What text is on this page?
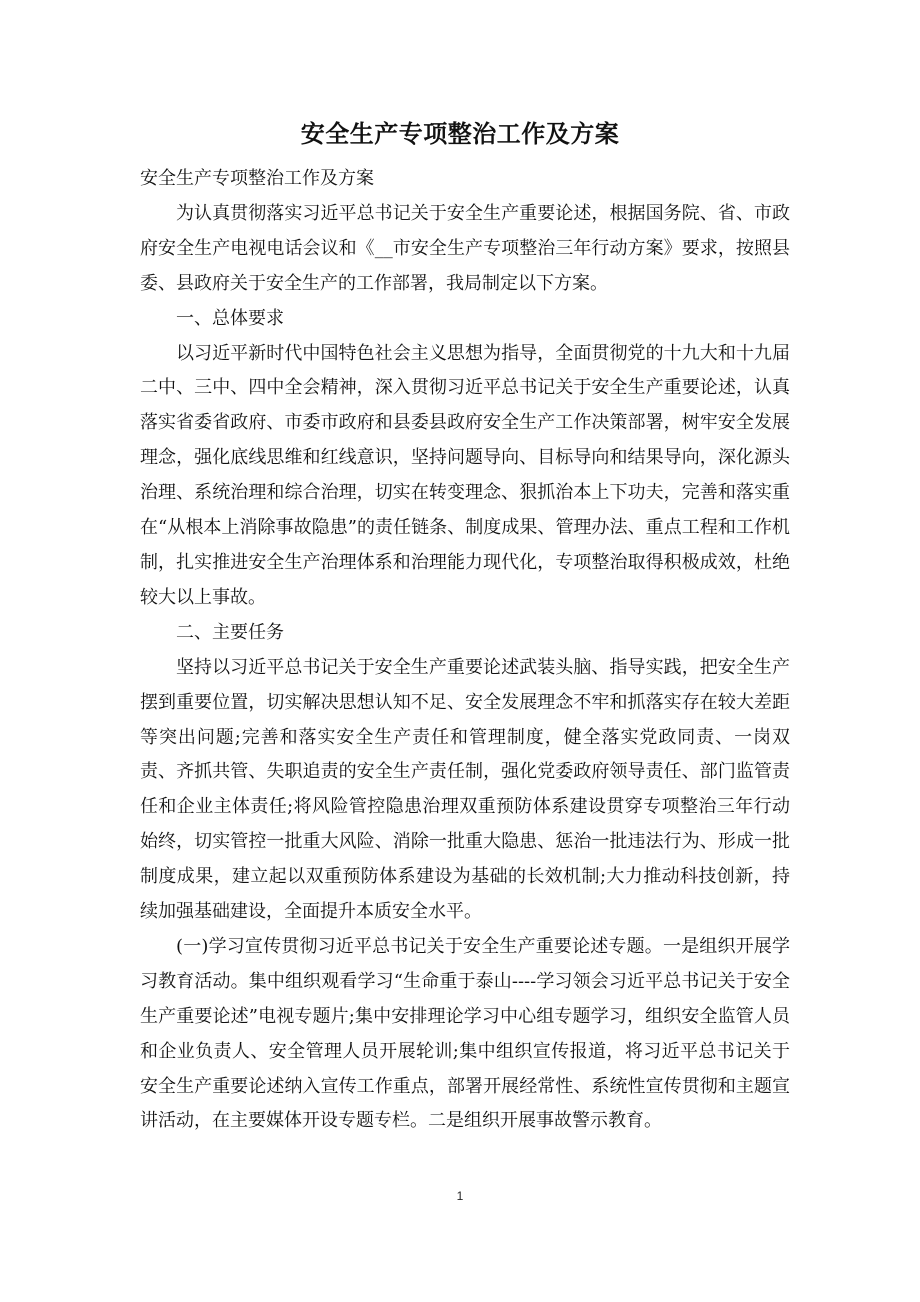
安全生产专项整治工作及方案

安全生产专项整治工作及方案

为认真贯彻落实习近平总书记关于安全生产重要论述，根据国务院、省、市政府安全生产电视电话会议和《__市安全生产专项整治三年行动方案》要求，按照县委、县政府关于安全生产的工作部署，我局制定以下方案。

一、总体要求

以习近平新时代中国特色社会主义思想为指导，全面贯彻党的十九大和十九届二中、三中、四中全会精神，深入贯彻习近平总书记关于安全生产重要论述，认真落实省委省政府、市委市政府和县委县政府安全生产工作决策部署，树牢安全发展理念，强化底线思维和红线意识，坚持问题导向、目标导向和结果导向，深化源头治理、系统治理和综合治理，切实在转变理念、狠抓治本上下功夫，完善和落实重在“从根本上消除事故隐患”的责任链条、制度成果、管理办法、重点工程和工作机制，扎实推进安全生产治理体系和治理能力现代化，专项整治取得积极成效，杜绝较大以上事故。

二、主要任务

坚持以习近平总书记关于安全生产重要论述武装头脑、指导实践，把安全生产摆到重要位置，切实解决思想认知不足、安全发展理念不牢和抓落实存在较大差距等突出问题;完善和落实安全生产责任和管理制度，健全落实党政同责、一岗双责、齐抓共管、失职追责的安全生产责任制，强化党委政府领导责任、部门监管责任和企业主体责任;将风险管控隐患治理双重预防体系建设贯穿专项整治三年行动始终，切实管控一批重大风险、消除一批重大隐患、惩治一批违法行为、形成一批制度成果，建立起以双重预防体系建设为基础的长效机制;大力推动科技创新，持续加强基础建设，全面提升本质安全水平。

(一)学习宣传贯彻习近平总书记关于安全生产重要论述专题。一是组织开展学习教育活动。集中组织观看学习“生命重于泰山----学习领会习近平总书记关于安全生产重要论述”电视专题片;集中安排理论学习中心组专题学习，组织安全监管人员和企业负责人、安全管理人员开展轮训;集中组织宣传报道，将习近平总书记关于安全生产重要论述纳入宣传工作重点，部署开展经常性、系统性宣传贯彻和主题宣讲活动，在主要媒体开设专题专栏。二是组织开展事故警示教育。

1
